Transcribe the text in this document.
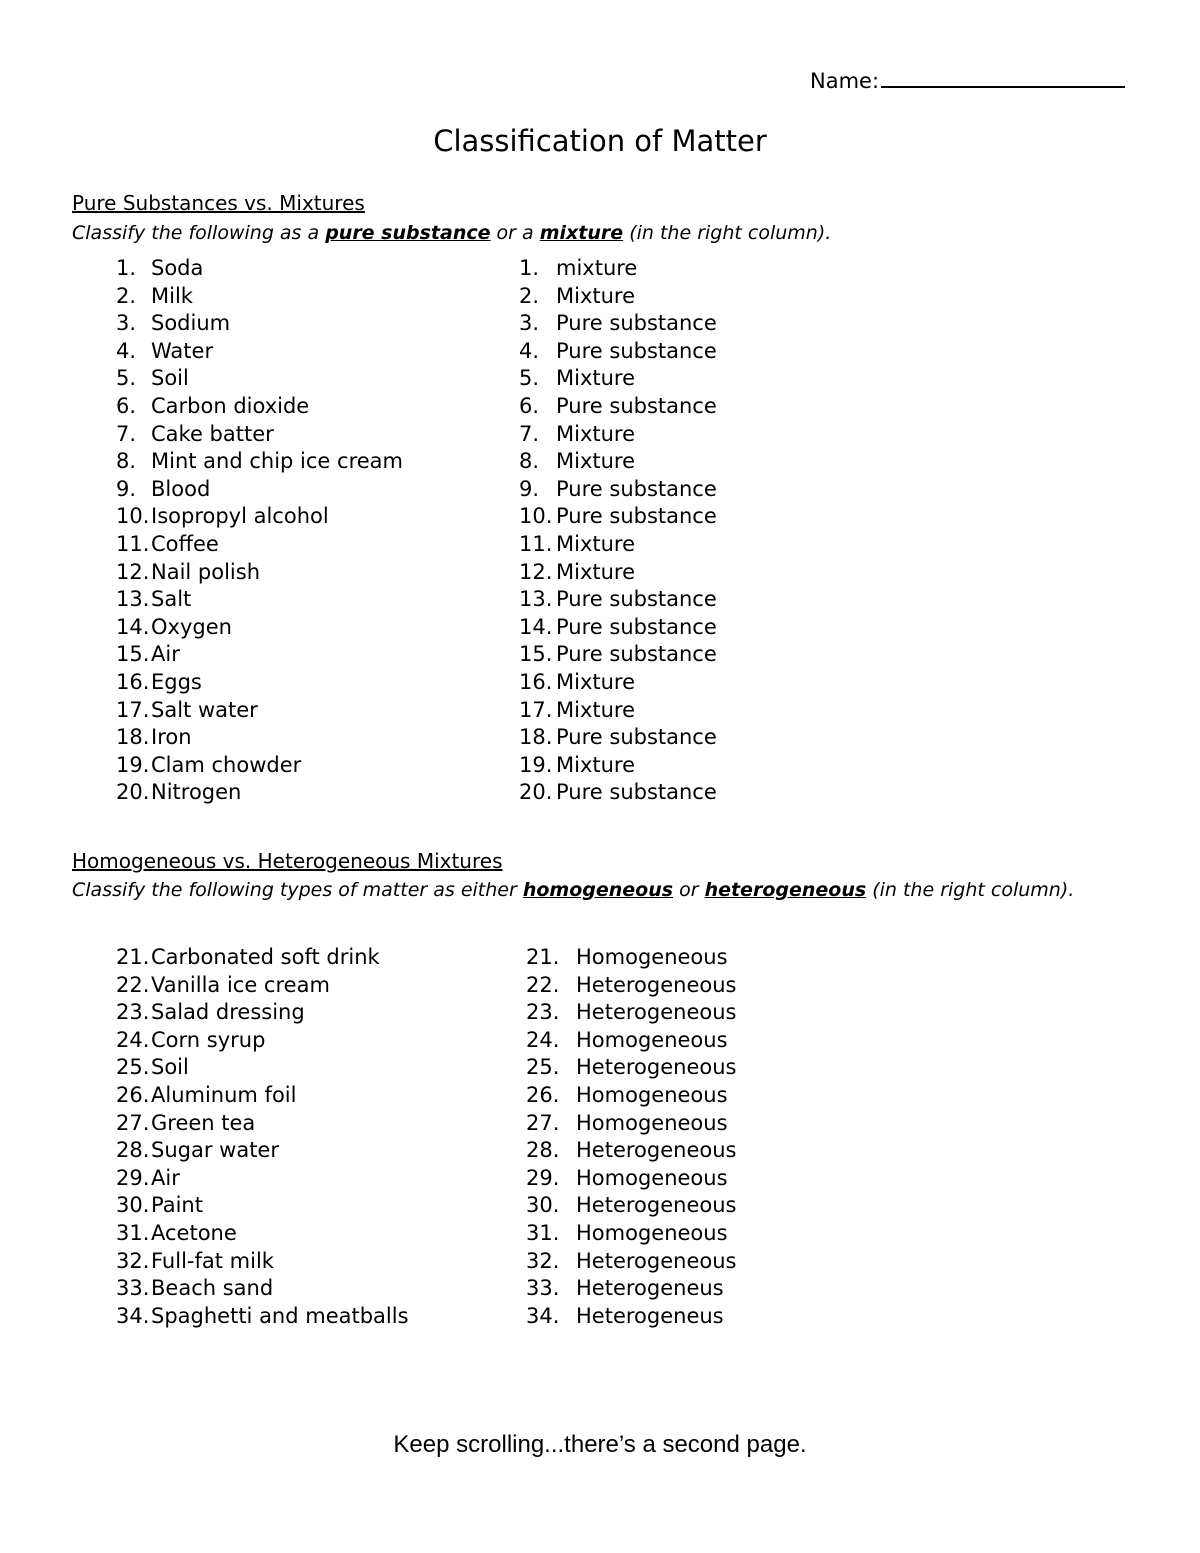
Name:
Classification of Matter
Pure Substances vs. Mixtures
Classify the following as a pure substance or a mixture (in the right column).
1. Soda
2. Milk
3. Sodium
4. Water
5. Soil
6. Carbon dioxide
7. Cake batter
8. Mint and chip ice cream
9. Blood
10. Isopropyl alcohol
11. Coffee
12. Nail polish
13. Salt
14. Oxygen
15. Air
16. Eggs
17. Salt water
18. Iron
19. Clam chowder
20. Nitrogen
1. mixture
2. Mixture
3. Pure substance
4. Pure substance
5. Mixture
6. Pure substance
7. Mixture
8. Mixture
9. Pure substance
10. Pure substance
11. Mixture
12. Mixture
13. Pure substance
14. Pure substance
15. Pure substance
16. Mixture
17. Mixture
18. Pure substance
19. Mixture
20. Pure substance
Homogeneous vs. Heterogeneous Mixtures
Classify the following types of matter as either homogeneous or heterogeneous (in the right column).
21. Carbonated soft drink
22. Vanilla ice cream
23. Salad dressing
24. Corn syrup
25. Soil
26. Aluminum foil
27. Green tea
28. Sugar water
29. Air
30. Paint
31. Acetone
32. Full-fat milk
33. Beach sand
34. Spaghetti and meatballs
21. Homogeneous
22. Heterogeneous
23. Heterogeneous
24. Homogeneous
25. Heterogeneous
26. Homogeneous
27. Homogeneous
28. Heterogeneous
29. Homogeneous
30. Heterogeneous
31. Homogeneous
32. Heterogeneous
33. Heterogeneus
34. Heterogeneus
Keep scrolling...there’s a second page.
